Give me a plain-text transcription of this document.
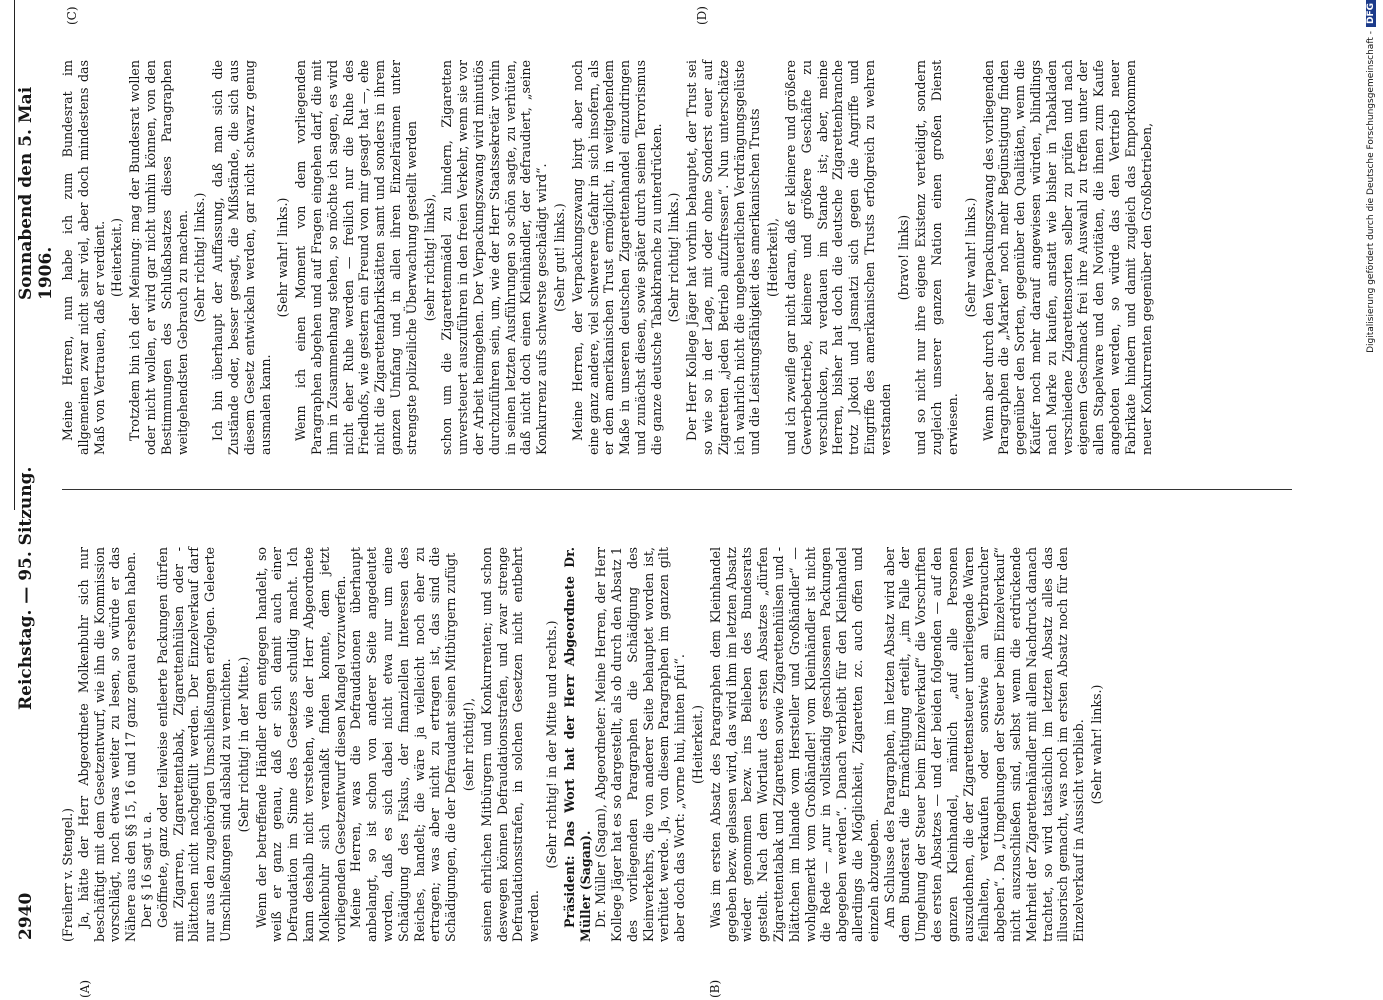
2940
Reichstag. — 95. Sitzung.
Sonnabend den 5. Mai 1906.
(A)	(B)
(C)	(D)

(Freiherr v. Stengel.) Ja, hätte der Herr Abgeordnete Molkenbuhr sich nur beschäftigt mit dem Gesetzentwurf, wie ihn die Kommission vorschlägt, noch etwas weiter zu lesen, so würde er das Nähere aus den §§ 15, 16 und 17 ganz genau ersehen haben. Der § 16 sagt u. a. Geöffnete, ganz oder teilweise entleerte Packungen dürfen mit Zigarren, Zigarettentabak, Zigarettenhülsen oder -blättchen nicht nachgefüllt werden. Der Einzelverkauf darf nur aus den zugehörigen Umschließungen erfolgen. Geleerte Umschließungen sind alsbald zu vernichten. (Sehr richtig! in der Mitte.) Wenn der betreffende Händler dem entgegen handelt, so weiß er ganz genau, daß er sich damit auch einer Defraudation im Sinne des Gesetzes schuldig macht. Ich kann deshalb nicht verstehen, wie der Herr Abgeordnete Molkenbuhr sich veranlaßt finden konnte, dem jetzt vorliegenden Gesetzentwurf diesen Mangel vorzuwerfen. Meine Herren, was die Defraudationen überhaupt anbelangt, so ist schon von anderer Seite angedeutet worden, daß es sich dabei nicht etwa nur um eine Schädigung des Fiskus, der finanziellen Interessen des Reiches, handelt; die wäre ja vielleicht noch eher zu ertragen; was aber nicht zu ertragen ist, das sind die Schädigungen, die der Defraudant seinen Mitbürgern zufügt (sehr richtig!), seinen ehrlichen Mitbürgern und Konkurrenten; und schon deswegen können Defraudationsstrafen, und zwar strenge Defraudationsstrafen, in solchen Gesetzen nicht entbehrt werden.

(Sehr richtig! in der Mitte und rechts.) Präsident: Das Wort hat der Herr Abgeordnete Dr. Müller (Sagan). Dr. Müller (Sagan), Abgeordneter: Meine Herren, der Herr Kollege Jäger hat es so dargestellt, als ob durch den Absatz 1 des vorliegenden Paragraphen die Schädigung des Kleinverkehrs, die von anderer Seite behauptet worden ist, verhütet werde. Ja, von diesem Paragraphen im ganzen gilt aber doch das Wort: „vorne hui, hinten pfui“. (Heiterkeit.) Was im ersten Absatz des Paragraphen dem Kleinhandel gegeben bezw. gelassen wird, das wird ihm im letzten Absatz wieder genommen bezw. ins Belieben des Bundesrats gestellt. Nach dem Wortlaut des ersten Absatzes „dürfen Zigarettentabak und Zigaretten sowie Zigarettenhülsen und -blättchen im Inlande vom Hersteller und Großhändler“ — wohlgemerkt vom Großhändler! vom Kleinhändler ist nicht die Rede — „nur in vollständig geschlossenen Packungen abgegeben werden“. Danach verbleibt für den Kleinhandel allerdings die Möglichkeit, Zigaretten zc. auch offen und einzeln abzugeben. Am Schlusse des Paragraphen, im letzten Absatz wird aber dem Bundesrat die Ermächtigung erteilt, „im Falle der Umgehung der Steuer beim Einzelverkauf“ die Vorschriften des ersten Absatzes — und der beiden folgenden — auf den ganzen Kleinhandel, nämlich „auf alle Personen auszudehnen, die der Zigarettensteuer unterliegende Waren feilhalten, verkaufen oder sonstwie an Verbraucher abgeben“. Da „Umgehungen der Steuer beim Einzelverkauf“ nicht auszuschließen sind, selbst wenn die erdrückende Mehrheit der Zigarettenhändler mit allem Nachdruck danach trachtet, so wird tatsächlich im letzten Absatz alles das illusorisch gemacht, was noch im ersten Absatz noch für den Einzelverkauf in Aussicht verblieb. (Sehr wahr! links.)

Meine Herren, nun habe ich zum Bundesrat im allgemeinen zwar nicht sehr viel, aber doch mindestens das Maß von Vertrauen, daß er verdient. (Heiterkeit.) Trotzdem bin ich der Meinung: mag der Bundesrat wollen oder nicht wollen, er wird gar nicht umhin können, von den Bestimmungen des Schlußabsatzes dieses Paragraphen weitgehendsten Gebrauch zu machen. (Sehr richtig! links.) Ich bin überhaupt der Auffassung, daß man sich die Zustände oder, besser gesagt, die Mißstände, die sich aus diesem Gesetz entwickeln werden, gar nicht schwarz genug ausmalen kann.

(Sehr wahr! links.) Wenn ich einen Moment von dem vorliegenden Paragraphen abgehen und auf Fragen eingehen darf, die mit ihm in Zusammenhang stehen, so möchte ich sagen, es wird nicht eher Ruhe werden — freilich nur die Ruhe des Friedhofs, wie gestern ein Freund von mir gesagt hat —, ehe nicht die Zigarettenfabrikstätten samt und sonders in ihrem ganzen Umfang und in allen ihren Einzelräumen unter strengste polizeiliche Überwachung gestellt werden (sehr richtig! links), schon um die Zigarettenmädel zu hindern, Zigaretten unversteuert auszuführen in den freien Verkehr, wenn sie vor der Arbeit heimgehen. Der Verpackungszwang wird minutiös durchzuführen sein, um, wie der Herr Staatssekretär vorhin in seinen letzten Ausführungen so schön sagte, zu verhüten, daß nicht doch einen Kleinhändler, der defraudiert, „seine Konkurrenz aufs schwerste geschädigt wird“. (Sehr gut! links.) Meine Herren, der Verpackungszwang birgt aber noch eine ganz andere, viel schwerere Gefahr in sich insofern, als er dem amerikanischen Trust ermöglicht, in weitgehendem Maße in unseren deutschen Zigarettenhandel einzudringen und zunächst diesen, sowie später durch seinen Terrorismus die ganze deutsche Tabakbranche zu unterdrücken. (Sehr richtig! links.) Der Herr Kollege Jäger hat vorhin behauptet, der Trust sei so wie so in der Lage, mit oder ohne Sonderst euer auf Zigaretten „jeden Betrieb aufzufressen“. Nun unterschätze ich wahrlich nicht die ungeheuerlichen Verdrängungsgelüste und die Leistungsfähigkeit des amerikanischen Trusts (Heiterkeit), und ich zweifle gar nicht daran, daß er kleinere und größere Gewerbebetriebe, kleinere und größere Geschäfte zu verschlucken, zu verdauen im Stande ist; aber, meine Herren, bisher hat doch die deutsche Zigarettenbranche trotz Jokoti und Jasmatzi sich gegen die Angriffe und Eingriffe des amerikanischen Trusts erfolgreich zu wehren verstanden

(bravo! links) und so nicht nur ihre eigene Existenz verteidigt, sondern zugleich unserer ganzen Nation einen großen Dienst erwiesen.

(Sehr wahr! links.) Wenn aber durch den Verpackungszwang des vorliegenden Paragraphen die „Marken“ noch mehr Begünstigung finden gegenüber den Sorten, gegenüber den Qualitäten, wenn die Käufer noch mehr darauf angewiesen würden, blindlings nach Marke zu kaufen, anstatt wie bisher in Tabakladen verschiedene Zigarettensorten selber zu prüfen und nach eigenem Geschmack frei ihre Auswahl zu treffen unter der allen Stapelware und den Novitäten, die ihnen zum Kaufe angeboten werden, so würde das den Vertrieb neuer Fabrikate hindern und damit zugleich das Emporkommen neuer Konkurrenten gegenüber den Großbetrieben,	Digitalisierung gefördert durch die Deutsche Forschungsgemeinschaft -DFG
